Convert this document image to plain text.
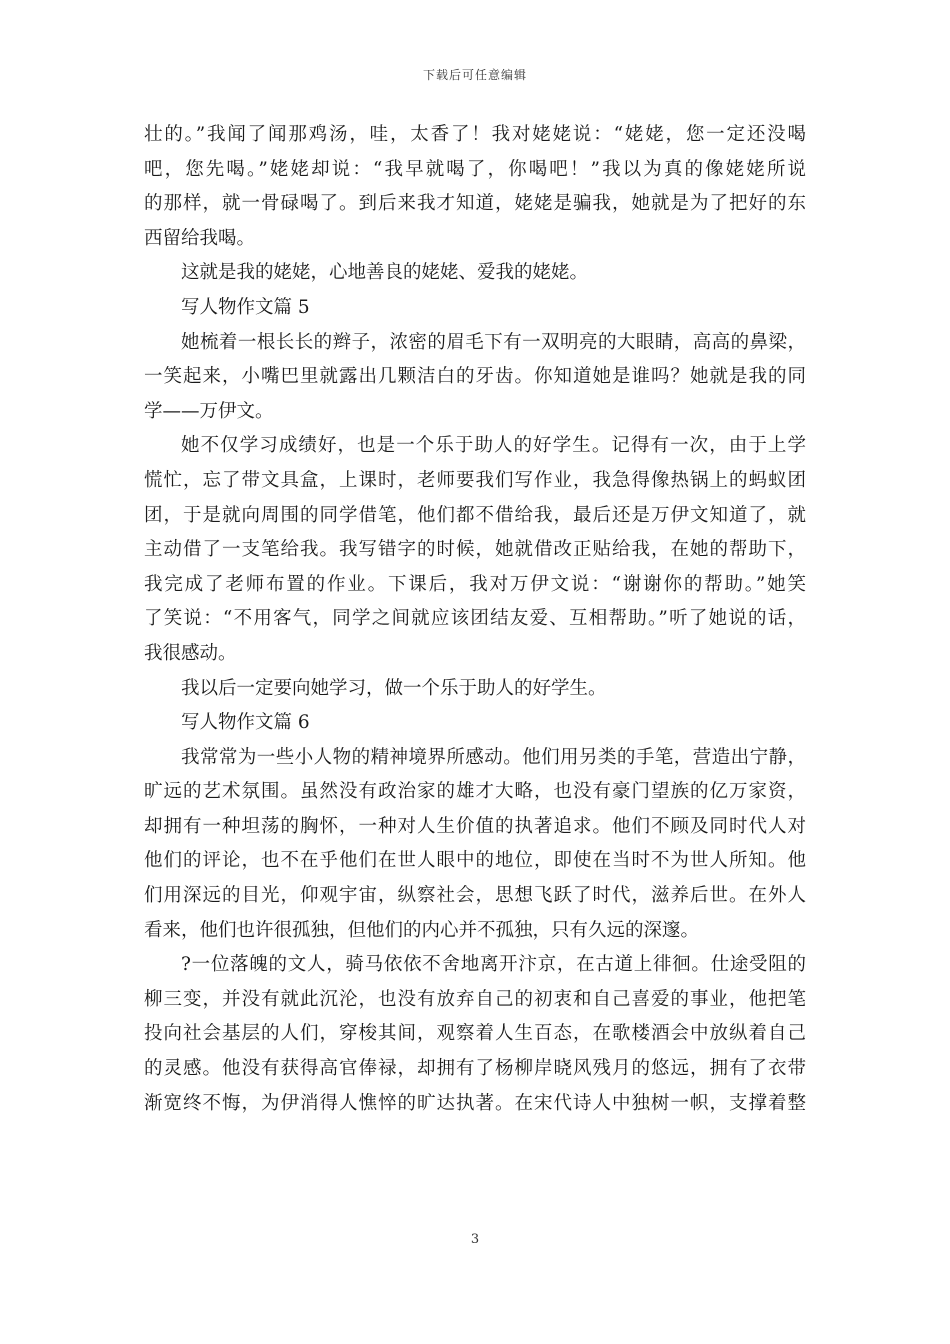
下载后可任意编辑
壮的。”我闻了闻那鸡汤，哇，太香了！我对姥姥说：“姥姥，您一定还没喝
吧，您先喝。”姥姥却说：“我早就喝了，你喝吧！”我以为真的像姥姥所说
的那样，就一骨碌喝了。到后来我才知道，姥姥是骗我，她就是为了把好的东
西留给我喝。
这就是我的姥姥，心地善良的姥姥、爱我的姥姥。
写人物作文篇 5
她梳着一根长长的辫子，浓密的眉毛下有一双明亮的大眼睛，高高的鼻梁，
一笑起来，小嘴巴里就露出几颗洁白的牙齿。你知道她是谁吗？她就是我的同
学——万伊文。
她不仅学习成绩好，也是一个乐于助人的好学生。记得有一次，由于上学
慌忙，忘了带文具盒，上课时，老师要我们写作业，我急得像热锅上的蚂蚁团
团，于是就向周围的同学借笔，他们都不借给我，最后还是万伊文知道了，就
主动借了一支笔给我。我写错字的时候，她就借改正贴给我，在她的帮助下，
我完成了老师布置的作业。下课后，我对万伊文说：“谢谢你的帮助。”她笑
了笑说：“不用客气，同学之间就应该团结友爱、互相帮助。”听了她说的话，
我很感动。
我以后一定要向她学习，做一个乐于助人的好学生。
写人物作文篇 6
我常常为一些小人物的精神境界所感动。他们用另类的手笔，营造出宁静，
旷远的艺术氛围。虽然没有政治家的雄才大略，也没有豪门望族的亿万家资，
却拥有一种坦荡的胸怀，一种对人生价值的执著追求。他们不顾及同时代人对
他们的评论，也不在乎他们在世人眼中的地位，即使在当时不为世人所知。他
们用深远的目光，仰观宇宙，纵察社会，思想飞跃了时代，滋养后世。在外人
看来，他们也许很孤独，但他们的内心并不孤独，只有久远的深邃。
?一位落魄的文人，骑马依依不舍地离开汴京，在古道上徘徊。仕途受阻的
柳三变，并没有就此沉沦，也没有放弃自己的初衷和自己喜爱的事业，他把笔
投向社会基层的人们，穿梭其间，观察着人生百态，在歌楼酒会中放纵着自己
的灵感。他没有获得高官俸禄，却拥有了杨柳岸晓风残月的悠远，拥有了衣带
渐宽终不悔，为伊消得人憔悴的旷达执著。在宋代诗人中独树一帜，支撑着整
3
